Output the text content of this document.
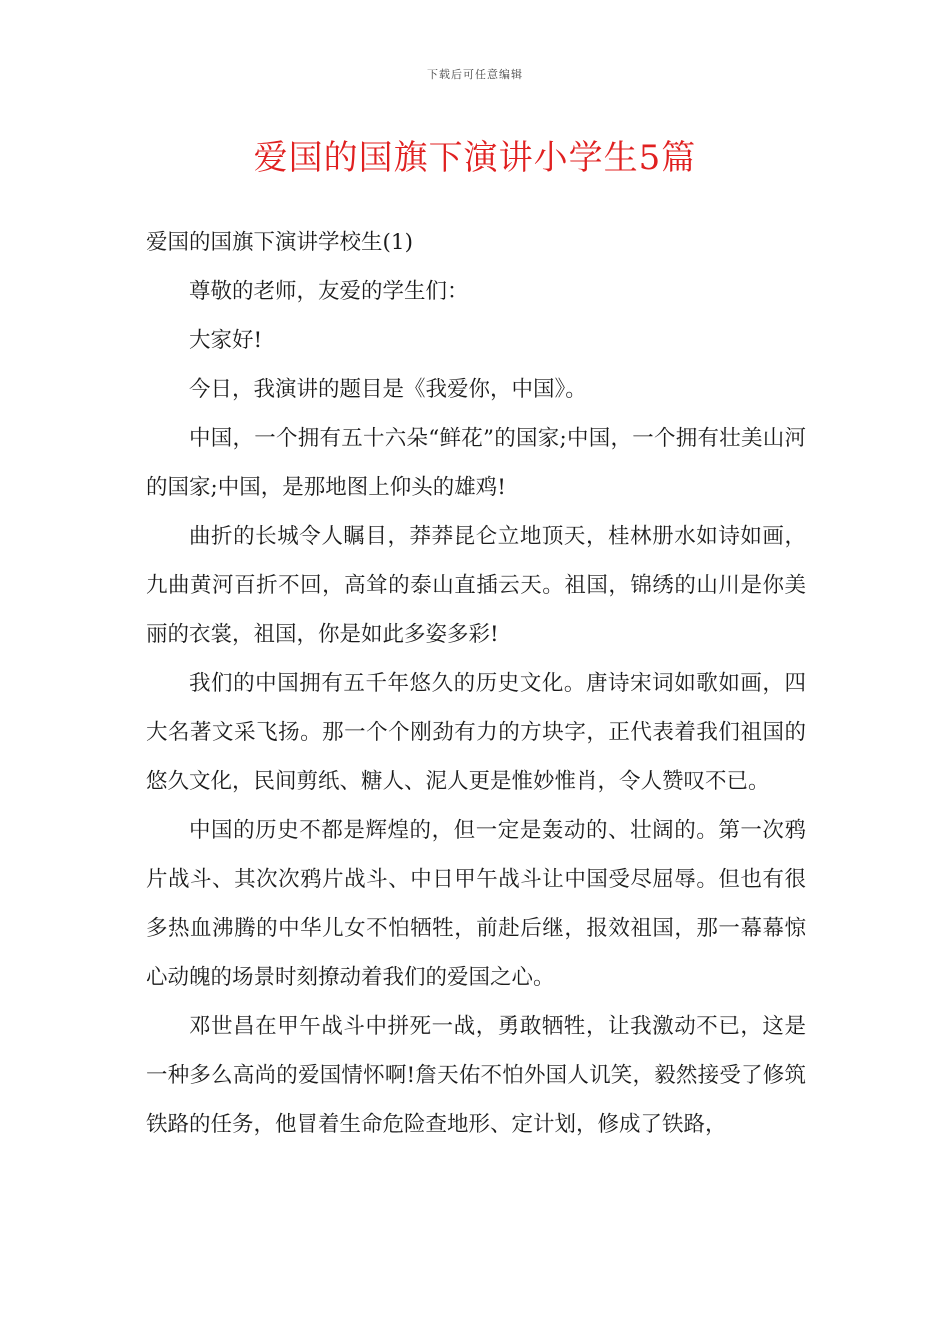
下载后可任意编辑
爱国的国旗下演讲小学生5篇

爱国的国旗下演讲学校生(1)

尊敬的老师，友爱的学生们：

大家好!

今日，我演讲的题目是《我爱你，中国》。

中国，一个拥有五十六朵“鲜花”的国家;中国，一个拥有壮美山河的国家;中国，是那地图上仰头的雄鸡!

曲折的长城令人瞩目，莽莽昆仑立地顶天，桂林册水如诗如画，九曲黄河百折不回，高耸的泰山直插云天。祖国，锦绣的山川是你美丽的衣裳，祖国，你是如此多姿多彩!

我们的中国拥有五千年悠久的历史文化。唐诗宋词如歌如画，四大名著文采飞扬。那一个个刚劲有力的方块字，正代表着我们祖国的悠久文化，民间剪纸、糖人、泥人更是惟妙惟肖，令人赞叹不已。

中国的历史不都是辉煌的，但一定是轰动的、壮阔的。第一次鸦片战斗、其次次鸦片战斗、中日甲午战斗让中国受尽屈辱。但也有很多热血沸腾的中华儿女不怕牺牲，前赴后继，报效祖国，那一幕幕惊心动魄的场景时刻撩动着我们的爱国之心。

邓世昌在甲午战斗中拼死一战，勇敢牺牲，让我激动不已，这是一种多么高尚的爱国情怀啊!詹天佑不怕外国人讥笑，毅然接受了修筑铁路的任务，他冒着生命危险查地形、定计划，修成了铁路，
